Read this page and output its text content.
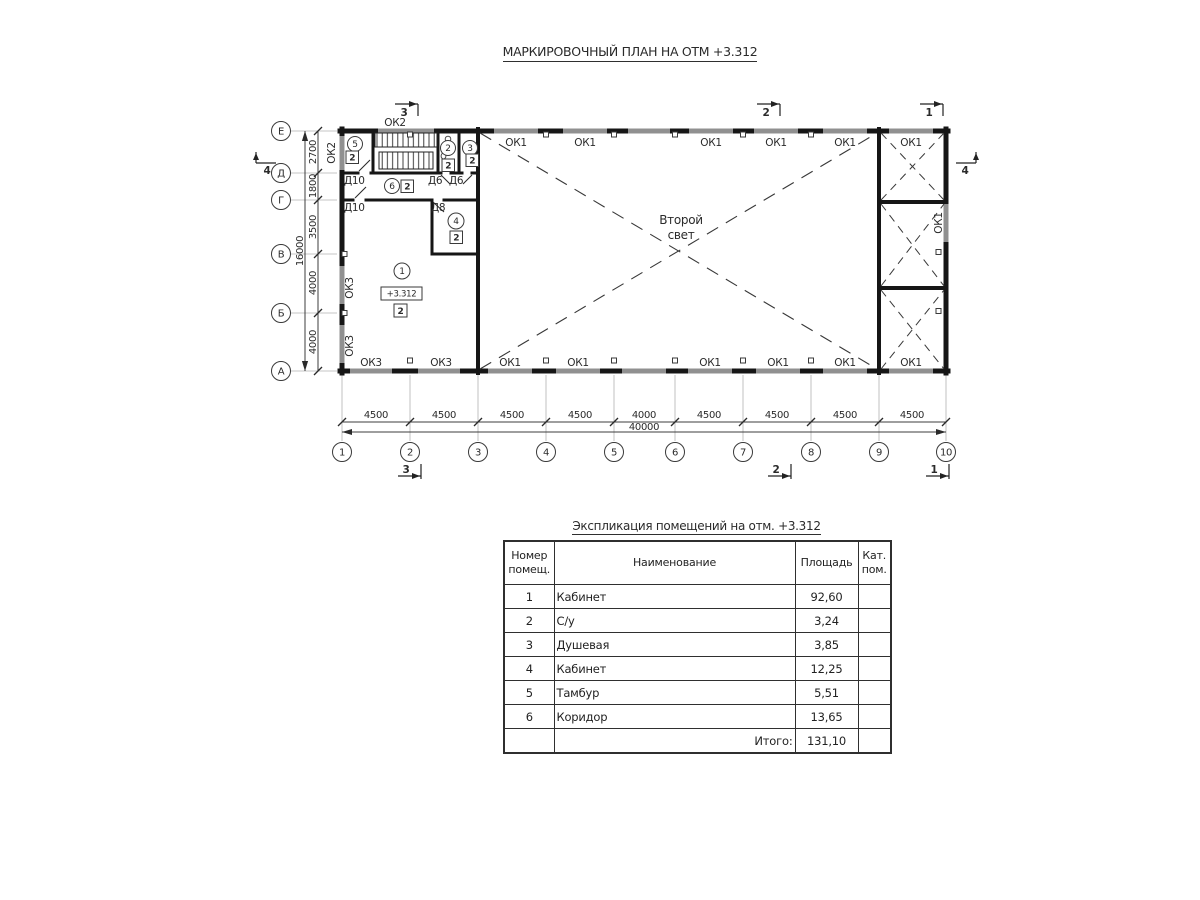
МАРКИРОВОЧНЫЙ ПЛАН НА ОТМ +3.312
2700
1800
3500
4000
4000
16000
4500	4500	4500	4500	4000	4500	4500	4500	4500
40000
Е
Д
Г
В
Б
А
1	2	3	4	5	6	7	8	9	10
Второй
свет
ОК2
ОК1	ОК1	ОК1	ОК1	ОК1	ОК1
ОК3	ОК3	ОК1	ОК1	ОК1	ОК1	ОК1	ОК1
ОК2
ОК3
ОК3
ОК1
Д10
Д10
Д6 Д6
Д8
1
2 3
4
5
6
+3.312
2
2 2
2
2
2
3	2	1
3	2	1
4	4
Экспликация помещений на отм. +3.312
Номер
помещ.	Наименование	Площадь	Кат.
пом.
1	Кабинет	92,60	
2	С/у	3,24	
3	Душевая	3,85	
4	Кабинет	12,25	
5	Тамбур	5,51	
6	Коридор	13,65	
	Итого:	131,10	
